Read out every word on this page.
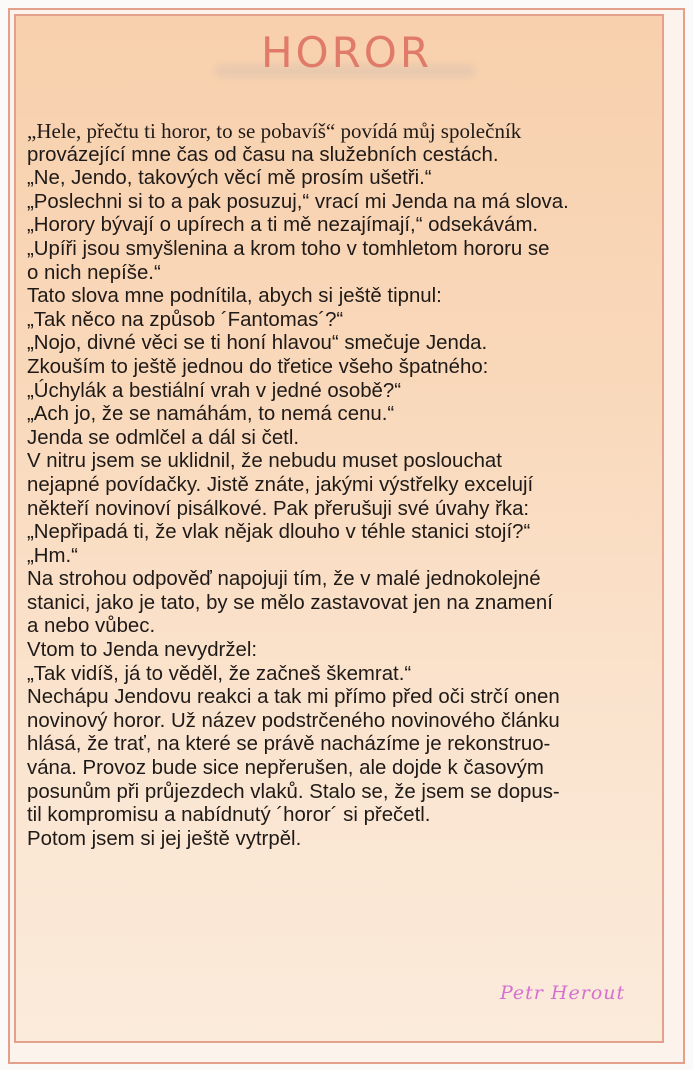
HOROR
„Hele, přečtu ti horor, to se pobavíš“ povídá můj společník
provázející mne čas od času na služebních cestách.
„Ne, Jendo, takových věcí mě prosím ušetři.“
„Poslechni si to a pak posuzuj,“ vrací mi Jenda na má slova.
„Horory bývají o upírech a ti mě nezajímají,“ odsekávám.
„Upíři jsou smyšlenina a krom toho v tomhletom hororu se
o nich nepíše.“
Tato slova mne podnítila, abych si ještě tipnul:
„Tak něco na způsob ´Fantomas´?“
„Nojo, divné věci se ti honí hlavou“ smečuje Jenda.
Zkouším to ještě jednou do třetice všeho špatného:
„Úchylák a bestiální vrah v jedné osobě?“
„Ach jo, že se namáhám, to nemá cenu.“
Jenda se odmlčel a dál si četl.
V nitru jsem se uklidnil, že nebudu muset poslouchat
nejapné povídačky. Jistě znáte, jakými výstřelky excelují
někteří novinoví pisálkové. Pak přerušuji své úvahy řka:
„Nepřipadá ti, že vlak nějak dlouho v téhle stanici stojí?“
„Hm.“
Na strohou odpověď napojuji tím, že v malé jednokolejné
stanici, jako je tato, by se mělo zastavovat jen na znamení
a nebo vůbec.
Vtom to Jenda nevydržel:
„Tak vidíš, já to věděl, že začneš škemrat.“
Nechápu Jendovu reakci a tak mi přímo před oči strčí onen
novinový horor. Už název podstrčeného novinového článku
hlásá, že trať, na které se právě nacházíme je rekonstruo-
vána. Provoz bude sice nepřerušen, ale dojde k časovým
posunům při průjezdech vlaků. Stalo se, že jsem se dopus-
til kompromisu a nabídnutý ´horor´ si přečetl.
Potom jsem si jej ještě vytrpěl.
Petr Herout
